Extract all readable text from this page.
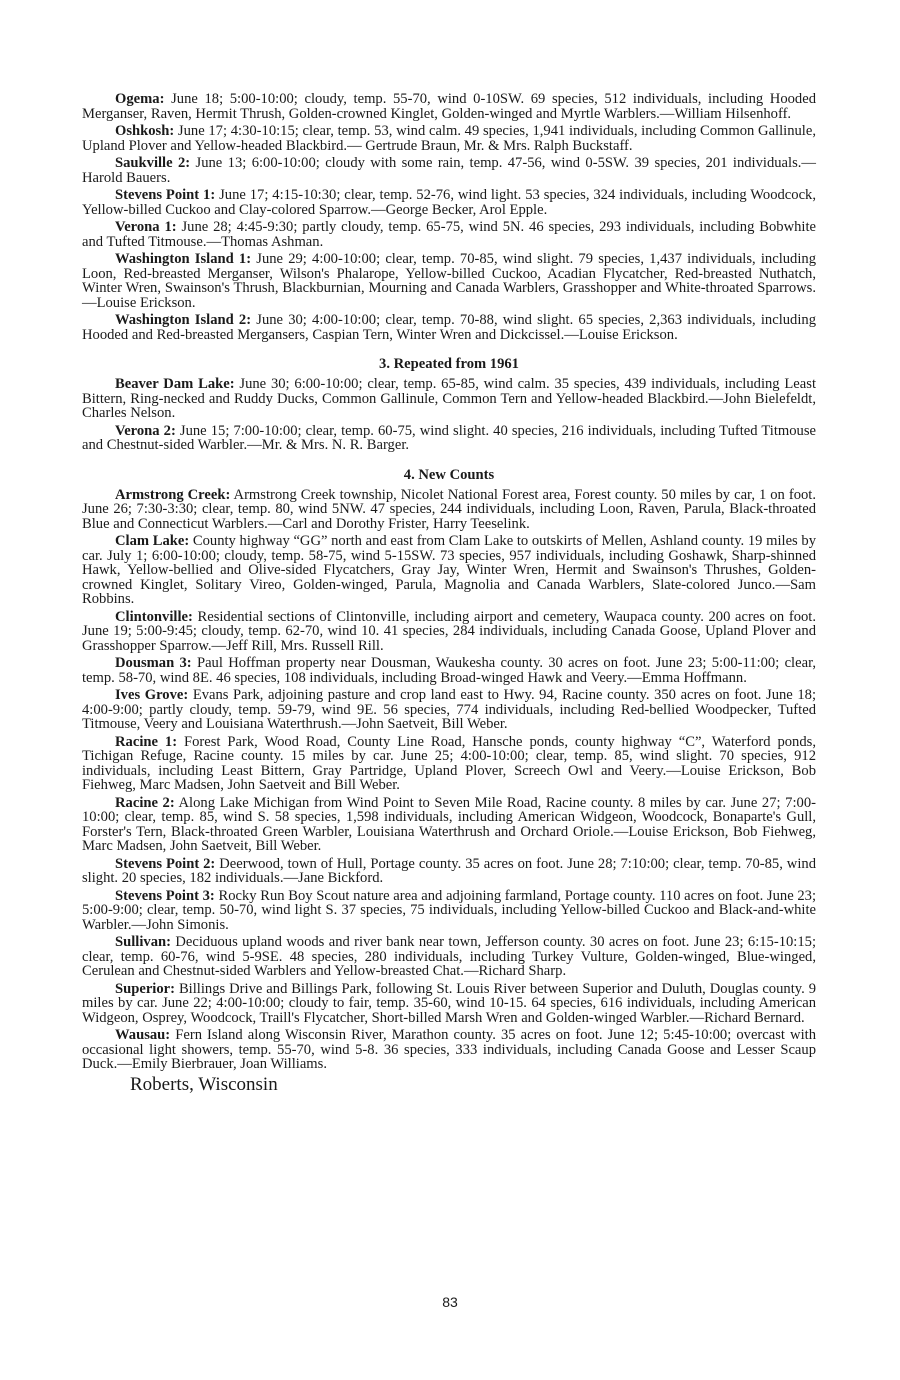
Ogema: June 18; 5:00-10:00; cloudy, temp. 55-70, wind 0-10SW. 69 species, 512 individuals, including Hooded Merganser, Raven, Hermit Thrush, Golden-crowned Kinglet, Golden-winged and Myrtle Warblers.—William Hilsenhoff.

Oshkosh: June 17; 4:30-10:15; clear, temp. 53, wind calm. 49 species, 1,941 individuals, including Common Gallinule, Upland Plover and Yellow-headed Blackbird.— Gertrude Braun, Mr. & Mrs. Ralph Buckstaff.

Saukville 2: June 13; 6:00-10:00; cloudy with some rain, temp. 47-56, wind 0-5SW. 39 species, 201 individuals.— Harold Bauers.

Stevens Point 1: June 17; 4:15-10:30; clear, temp. 52-76, wind light. 53 species, 324 individuals, including Woodcock, Yellow-billed Cuckoo and Clay-colored Sparrow.—George Becker, Arol Epple.

Verona 1: June 28; 4:45-9:30; partly cloudy, temp. 65-75, wind 5N. 46 species, 293 individuals, including Bobwhite and Tufted Titmouse.—Thomas Ashman.

Washington Island 1: June 29; 4:00-10:00; clear, temp. 70-85, wind slight. 79 species, 1,437 individuals, including Loon, Red-breasted Merganser, Wilson's Phalarope, Yellow-billed Cuckoo, Acadian Flycatcher, Red-breasted Nuthatch, Winter Wren, Swainson's Thrush, Blackburnian, Mourning and Canada Warblers, Grasshopper and White-throated Sparrows.—Louise Erickson.

Washington Island 2: June 30; 4:00-10:00; clear, temp. 70-88, wind slight. 65 species, 2,363 individuals, including Hooded and Red-breasted Mergansers, Caspian Tern, Winter Wren and Dickcissel.—Louise Erickson.

3. Repeated from 1961

Beaver Dam Lake: June 30; 6:00-10:00; clear, temp. 65-85, wind calm. 35 species, 439 individuals, including Least Bittern, Ring-necked and Ruddy Ducks, Common Gallinule, Common Tern and Yellow-headed Blackbird.—John Bielefeldt, Charles Nelson.

Verona 2: June 15; 7:00-10:00; clear, temp. 60-75, wind slight. 40 species, 216 individuals, including Tufted Titmouse and Chestnut-sided Warbler.—Mr. & Mrs. N. R. Barger.

4. New Counts

Armstrong Creek: Armstrong Creek township, Nicolet National Forest area, Forest county. 50 miles by car, 1 on foot. June 26; 7:30-3:30; clear, temp. 80, wind 5NW. 47 species, 244 individuals, including Loon, Raven, Parula, Black-throated Blue and Connecticut Warblers.—Carl and Dorothy Frister, Harry Teeselink.

Clam Lake: County highway “GG” north and east from Clam Lake to outskirts of Mellen, Ashland county. 19 miles by car. July 1; 6:00-10:00; cloudy, temp. 58-75, wind 5-15SW. 73 species, 957 individuals, including Goshawk, Sharp-shinned Hawk, Yellow-bellied and Olive-sided Flycatchers, Gray Jay, Winter Wren, Hermit and Swainson's Thrushes, Golden-crowned Kinglet, Solitary Vireo, Golden-winged, Parula, Magnolia and Canada Warblers, Slate-colored Junco.—Sam Robbins.

Clintonville: Residential sections of Clintonville, including airport and cemetery, Waupaca county. 200 acres on foot. June 19; 5:00-9:45; cloudy, temp. 62-70, wind 10. 41 species, 284 individuals, including Canada Goose, Upland Plover and Grasshopper Sparrow.—Jeff Rill, Mrs. Russell Rill.

Dousman 3: Paul Hoffman property near Dousman, Waukesha county. 30 acres on foot. June 23; 5:00-11:00; clear, temp. 58-70, wind 8E. 46 species, 108 individuals, including Broad-winged Hawk and Veery.—Emma Hoffmann.

Ives Grove: Evans Park, adjoining pasture and crop land east to Hwy. 94, Racine county. 350 acres on foot. June 18; 4:00-9:00; partly cloudy, temp. 59-79, wind 9E. 56 species, 774 individuals, including Red-bellied Woodpecker, Tufted Titmouse, Veery and Louisiana Waterthrush.—John Saetveit, Bill Weber.

Racine 1: Forest Park, Wood Road, County Line Road, Hansche ponds, county highway “C”, Waterford ponds, Tichigan Refuge, Racine county. 15 miles by car. June 25; 4:00-10:00; clear, temp. 85, wind slight. 70 species, 912 individuals, including Least Bittern, Gray Partridge, Upland Plover, Screech Owl and Veery.—Louise Erickson, Bob Fiehweg, Marc Madsen, John Saetveit and Bill Weber.

Racine 2: Along Lake Michigan from Wind Point to Seven Mile Road, Racine county. 8 miles by car. June 27; 7:00-10:00; clear, temp. 85, wind S. 58 species, 1,598 individuals, including American Widgeon, Woodcock, Bonaparte's Gull, Forster's Tern, Black-throated Green Warbler, Louisiana Waterthrush and Orchard Oriole.—Louise Erickson, Bob Fiehweg, Marc Madsen, John Saetveit, Bill Weber.

Stevens Point 2: Deerwood, town of Hull, Portage county. 35 acres on foot. June 28; 7:10:00; clear, temp. 70-85, wind slight. 20 species, 182 individuals.—Jane Bickford.

Stevens Point 3: Rocky Run Boy Scout nature area and adjoining farmland, Portage county. 110 acres on foot. June 23; 5:00-9:00; clear, temp. 50-70, wind light S. 37 species, 75 individuals, including Yellow-billed Cuckoo and Black-and-white Warbler.—John Simonis.

Sullivan: Deciduous upland woods and river bank near town, Jefferson county. 30 acres on foot. June 23; 6:15-10:15; clear, temp. 60-76, wind 5-9SE. 48 species, 280 individuals, including Turkey Vulture, Golden-winged, Blue-winged, Cerulean and Chestnut-sided Warblers and Yellow-breasted Chat.—Richard Sharp.

Superior: Billings Drive and Billings Park, following St. Louis River between Superior and Duluth, Douglas county. 9 miles by car. June 22; 4:00-10:00; cloudy to fair, temp. 35-60, wind 10-15. 64 species, 616 individuals, including American Widgeon, Osprey, Woodcock, Traill's Flycatcher, Short-billed Marsh Wren and Golden-winged Warbler.—Richard Bernard.

Wausau: Fern Island along Wisconsin River, Marathon county. 35 acres on foot. June 12; 5:45-10:00; overcast with occasional light showers, temp. 55-70, wind 5-8. 36 species, 333 individuals, including Canada Goose and Lesser Scaup Duck.—Emily Bierbrauer, Joan Williams.

Roberts, Wisconsin
83
